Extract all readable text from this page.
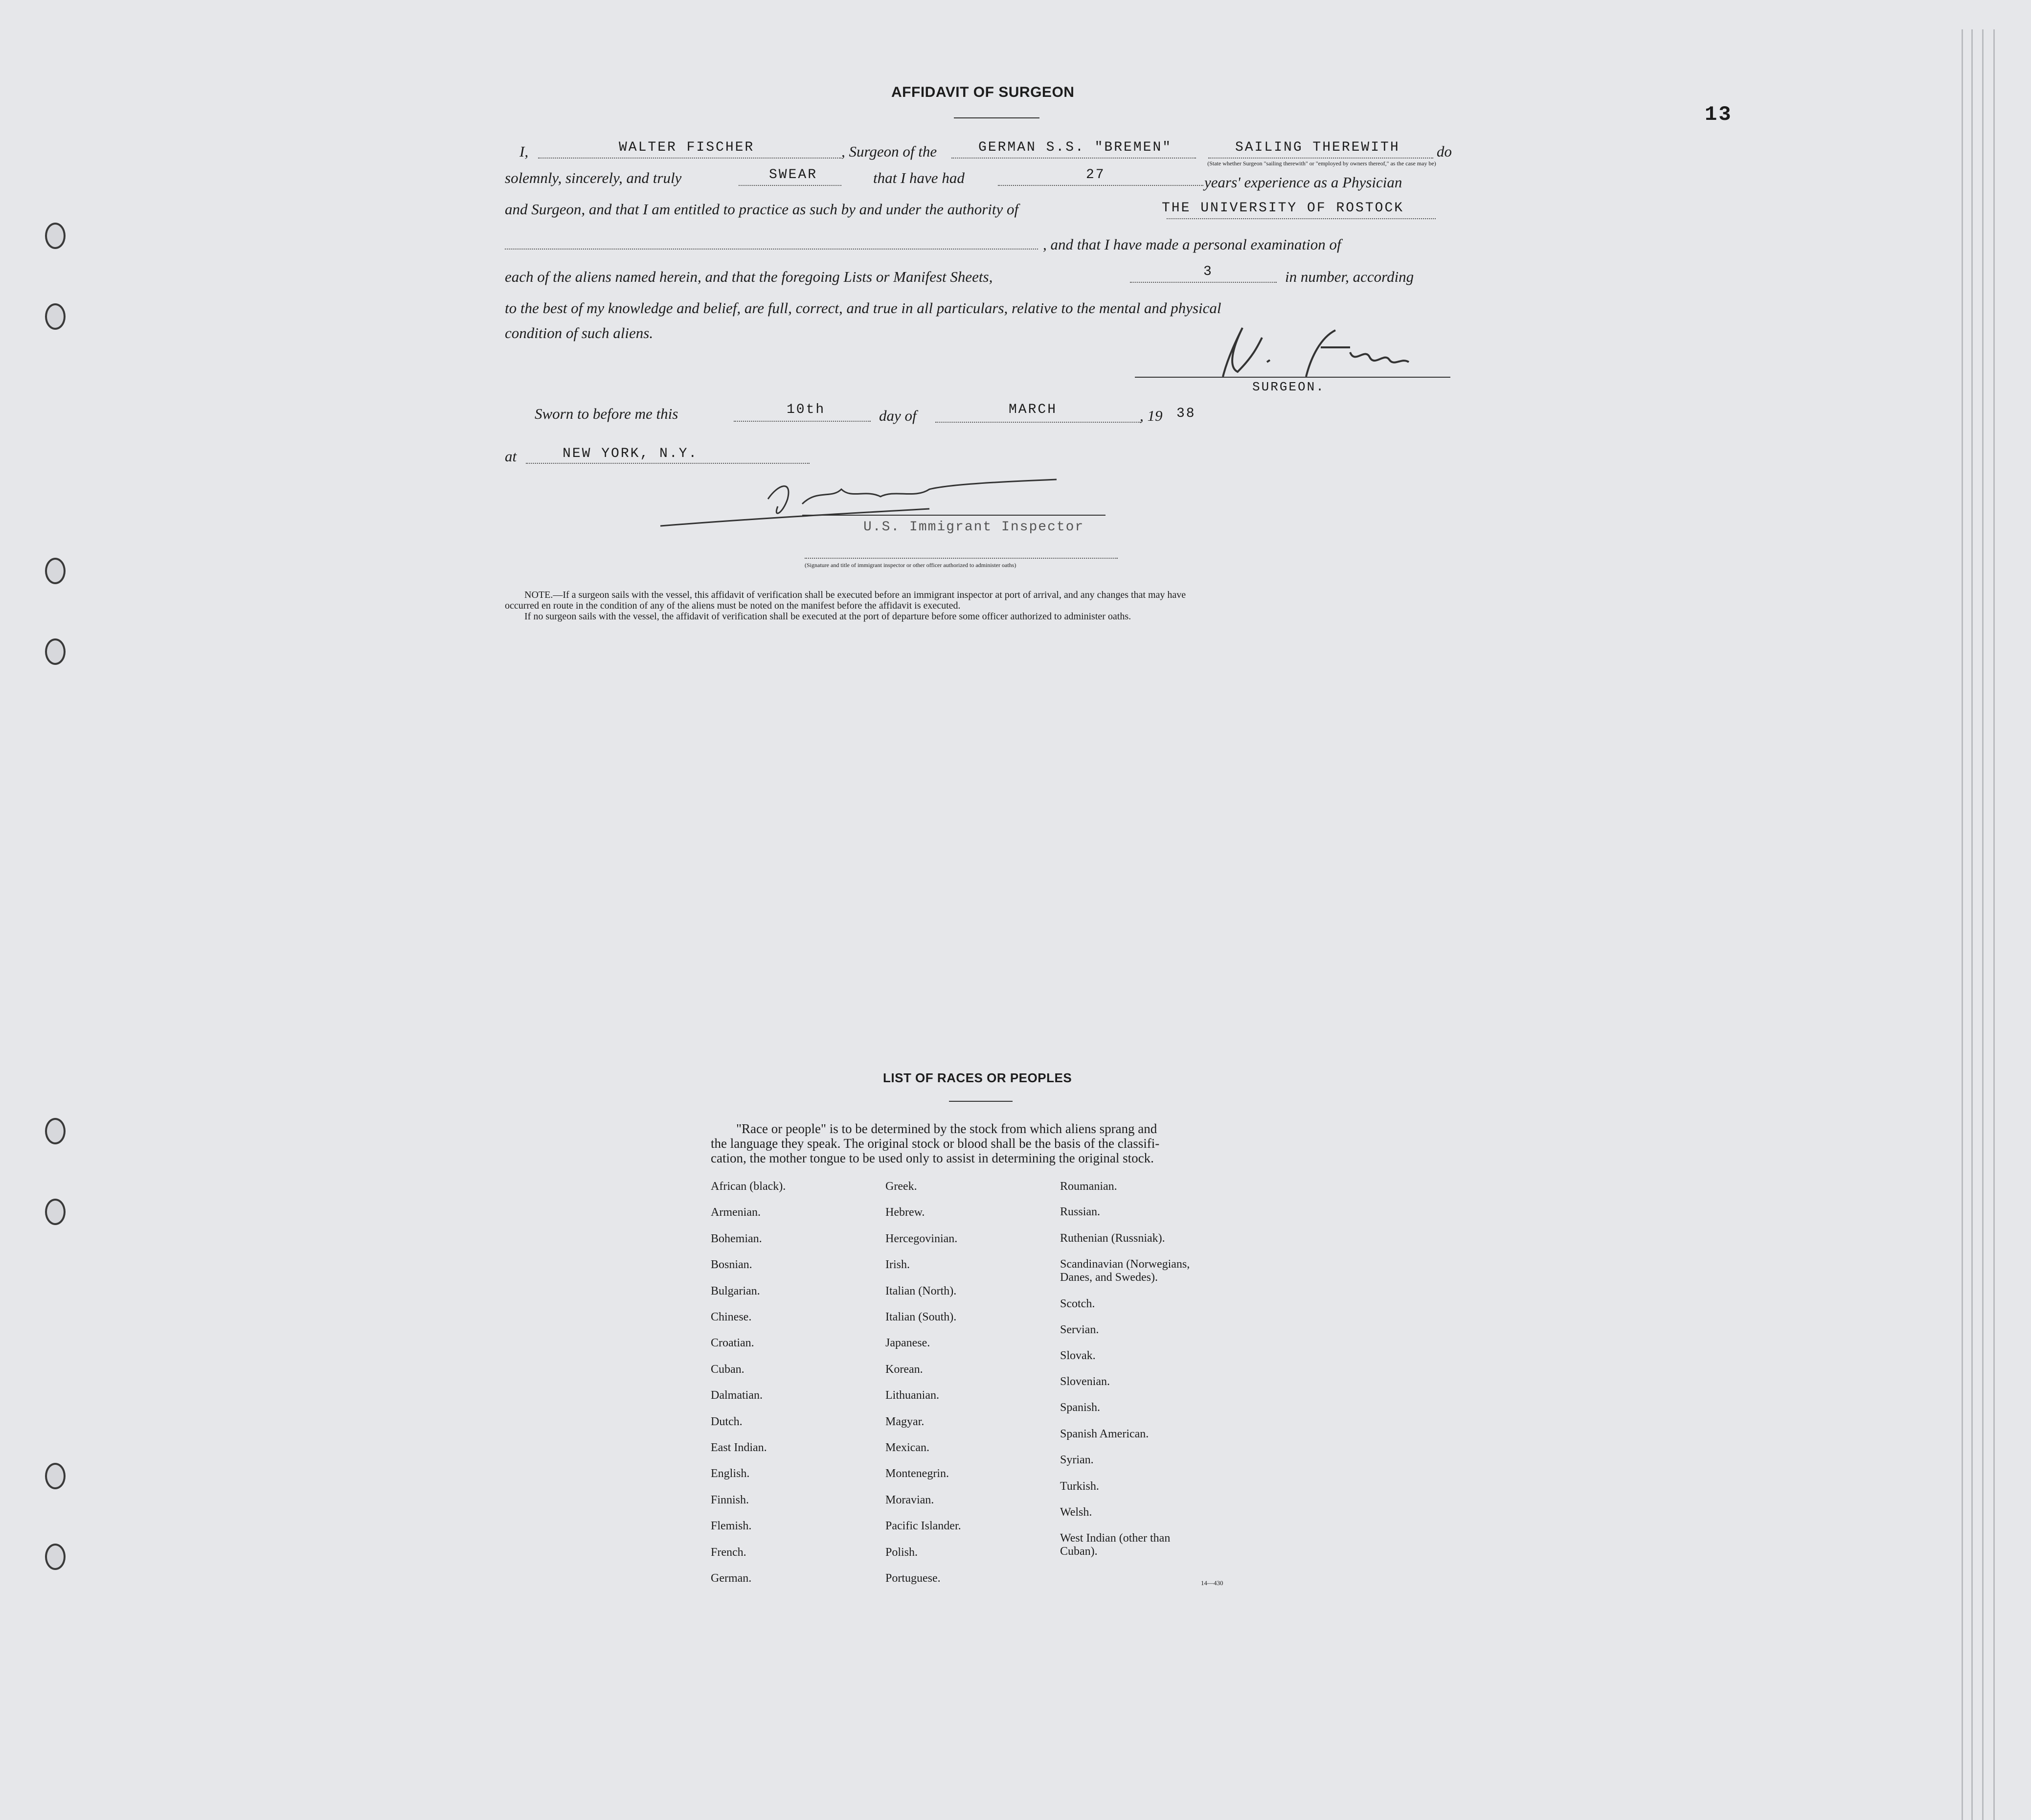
13
AFFIDAVIT OF SURGEON
I,	WALTER FISCHER	, Surgeon of the	GERMAN S.S. "BREMEN"	SAILING THEREWITH do
(State whether Surgeon "sailing therewith" or "employed by owners thereof," as the case may be)
solemnly, sincerely, and truly	SWEAR	that I have had	27	years' experience as a Physician
and Surgeon, and that I am entitled to practice as such by and under the authority of	THE UNIVERSITY OF ROSTOCK
, and that I have made a personal examination of
each of the aliens named herein, and that the foregoing Lists or Manifest Sheets,	3	in number, according
to the best of my knowledge and belief, are full, correct, and true in all particulars, relative to the mental and physical
condition of such aliens.
SURGEON.
Sworn to before me this	10th	day of	MARCH	, 19 38
at	NEW YORK, N.Y.
U.S. Immigrant Inspector
(Signature and title of immigrant inspector or other officer authorized to administer oaths)
NOTE.—If a surgeon sails with the vessel, this affidavit of verification shall be executed before an immigrant inspector at port of arrival, and any changes that may have
occurred en route in the condition of any of the aliens must be noted on the manifest before the affidavit is executed.
If no surgeon sails with the vessel, the affidavit of verification shall be executed at the port of departure before some officer authorized to administer oaths.
LIST OF RACES OR PEOPLES
"Race or people" is to be determined by the stock from which aliens sprang and
the language they speak. The original stock or blood shall be the basis of the classifi-
cation, the mother tongue to be used only to assist in determining the original stock.
African (black).
Armenian.
Bohemian.
Bosnian.
Bulgarian.
Chinese.
Croatian.
Cuban.
Dalmatian.
Dutch.
East Indian.
English.
Finnish.
Flemish.
French.
German.
Greek.
Hebrew.
Hercegovinian.
Irish.
Italian (North).
Italian (South).
Japanese.
Korean.
Lithuanian.
Magyar.
Mexican.
Montenegrin.
Moravian.
Pacific Islander.
Polish.
Portuguese.
Roumanian.
Russian.
Ruthenian (Russniak).
Scandinavian (Norwegians,
Danes, and Swedes).
Scotch.
Servian.
Slovak.
Slovenian.
Spanish.
Spanish American.
Syrian.
Turkish.
Welsh.
West Indian (other than
Cuban).
14—430
